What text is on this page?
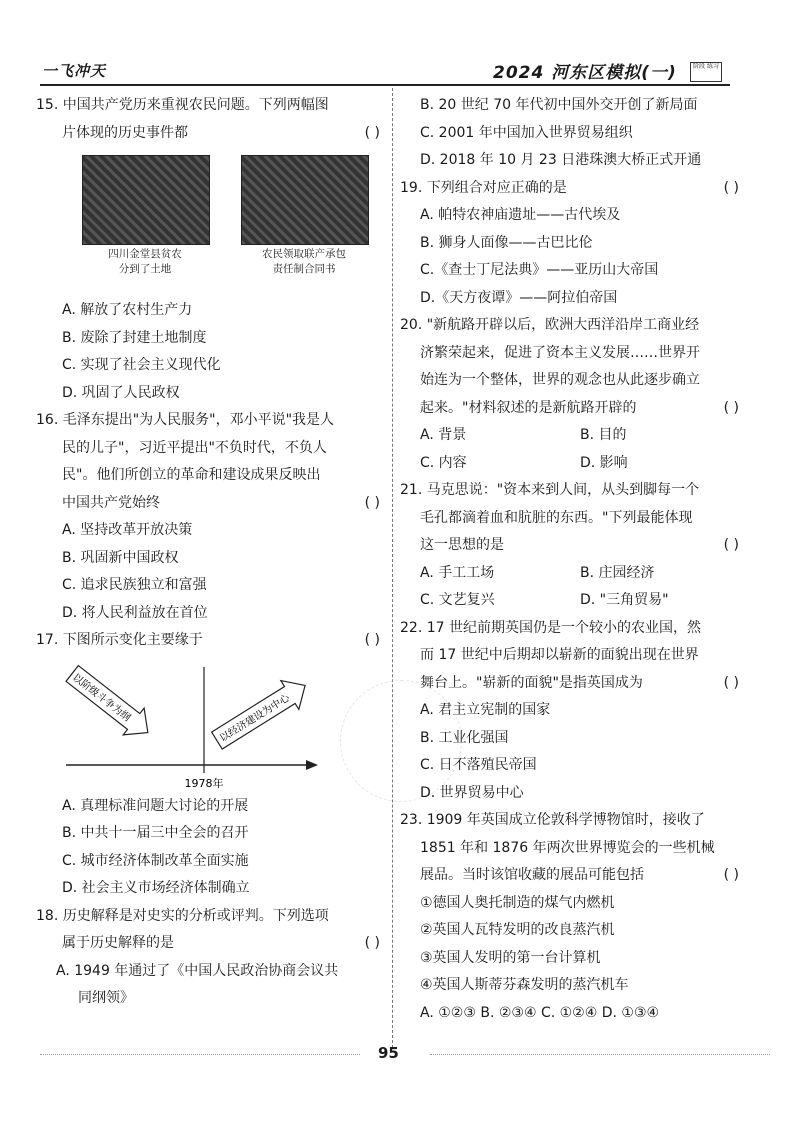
一飞冲天	2024 河东区模拟(一)	阶段 练习
15. 中国共产党历来重视农民问题。下列两幅图
片体现的历史事件都	( )
四川金堂县贫农
分到了土地
农民领取联产承包
责任制合同书
A. 解放了农村生产力
B. 废除了封建土地制度
C. 实现了社会主义现代化
D. 巩固了人民政权
16. 毛泽东提出"为人民服务"，邓小平说"我是人
民的儿子"，习近平提出"不负时代，不负人
民"。他们所创立的革命和建设成果反映出
中国共产党始终	( )
A. 坚持改革开放决策
B. 巩固新中国政权
C. 追求民族独立和富强
D. 将人民利益放在首位
17. 下图所示变化主要缘于	( )
以阶级斗争为纲	以经济建设为中心
1978年
A. 真理标准问题大讨论的开展
B. 中共十一届三中全会的召开
C. 城市经济体制改革全面实施
D. 社会主义市场经济体制确立
18. 历史解释是对史实的分析或评判。下列选项
属于历史解释的是	( )
A. 1949 年通过了《中国人民政治协商会议共
同纲领》
B. 20 世纪 70 年代初中国外交开创了新局面
C. 2001 年中国加入世界贸易组织
D. 2018 年 10 月 23 日港珠澳大桥正式开通
19. 下列组合对应正确的是	( )
A. 帕特农神庙遗址——古代埃及
B. 狮身人面像——古巴比伦
C.《查士丁尼法典》——亚历山大帝国
D.《天方夜谭》——阿拉伯帝国
20. "新航路开辟以后，欧洲大西洋沿岸工商业经
济繁荣起来，促进了资本主义发展……世界开
始连为一个整体，世界的观念也从此逐步确立
起来。"材料叙述的是新航路开辟的	( )
A. 背景	B. 目的
C. 内容	D. 影响
21. 马克思说："资本来到人间，从头到脚每一个
毛孔都滴着血和肮脏的东西。"下列最能体现
这一思想的是	( )
A. 手工工场	B. 庄园经济
C. 文艺复兴	D. "三角贸易"
22. 17 世纪前期英国仍是一个较小的农业国，然
而 17 世纪中后期却以崭新的面貌出现在世界
舞台上。"崭新的面貌"是指英国成为	( )
A. 君主立宪制的国家
B. 工业化强国
C. 日不落殖民帝国
D. 世界贸易中心
23. 1909 年英国成立伦敦科学博物馆时，接收了
1851 年和 1876 年两次世界博览会的一些机械
展品。当时该馆收藏的展品可能包括	( )
①德国人奥托制造的煤气内燃机
②英国人瓦特发明的改良蒸汽机
③英国人发明的第一台计算机
④英国人斯蒂芬森发明的蒸汽机车
A. ①②③ B. ②③④ C. ①②④ D. ①③④
95
